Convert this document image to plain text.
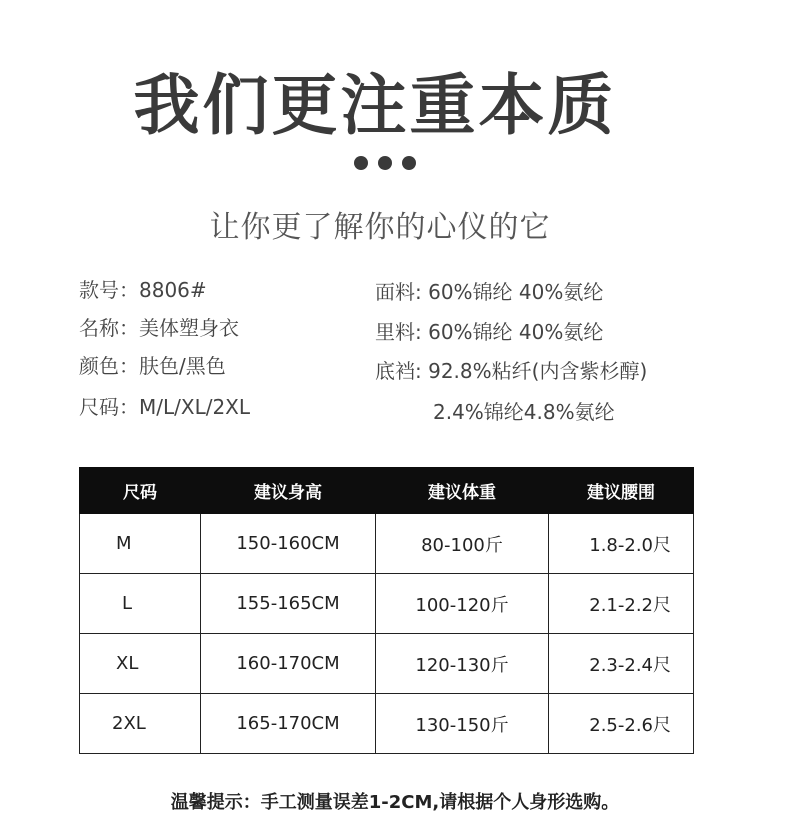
我们更注重本质

让你更了解你的心仪的它
款号：8806#
名称：美体塑身衣
颜色：肤色/黑色
尺码：M/L/XL/2XL
面料: 60%锦纶 40%氨纶
里料: 60%锦纶 40%氨纶
底裆: 92.8%粘纤(内含紫杉醇)
2.4%锦纶4.8%氨纶
尺码	建议身高	建议体重	建议腰围
M	150-160CM	80-100斤	1.8-2.0尺
L	155-165CM	100-120斤	2.1-2.2尺
XL	160-170CM	120-130斤	2.3-2.4尺
2XL	165-170CM	130-150斤	2.5-2.6尺
温馨提示：手工测量误差1-2CM,请根据个人身形选购。
